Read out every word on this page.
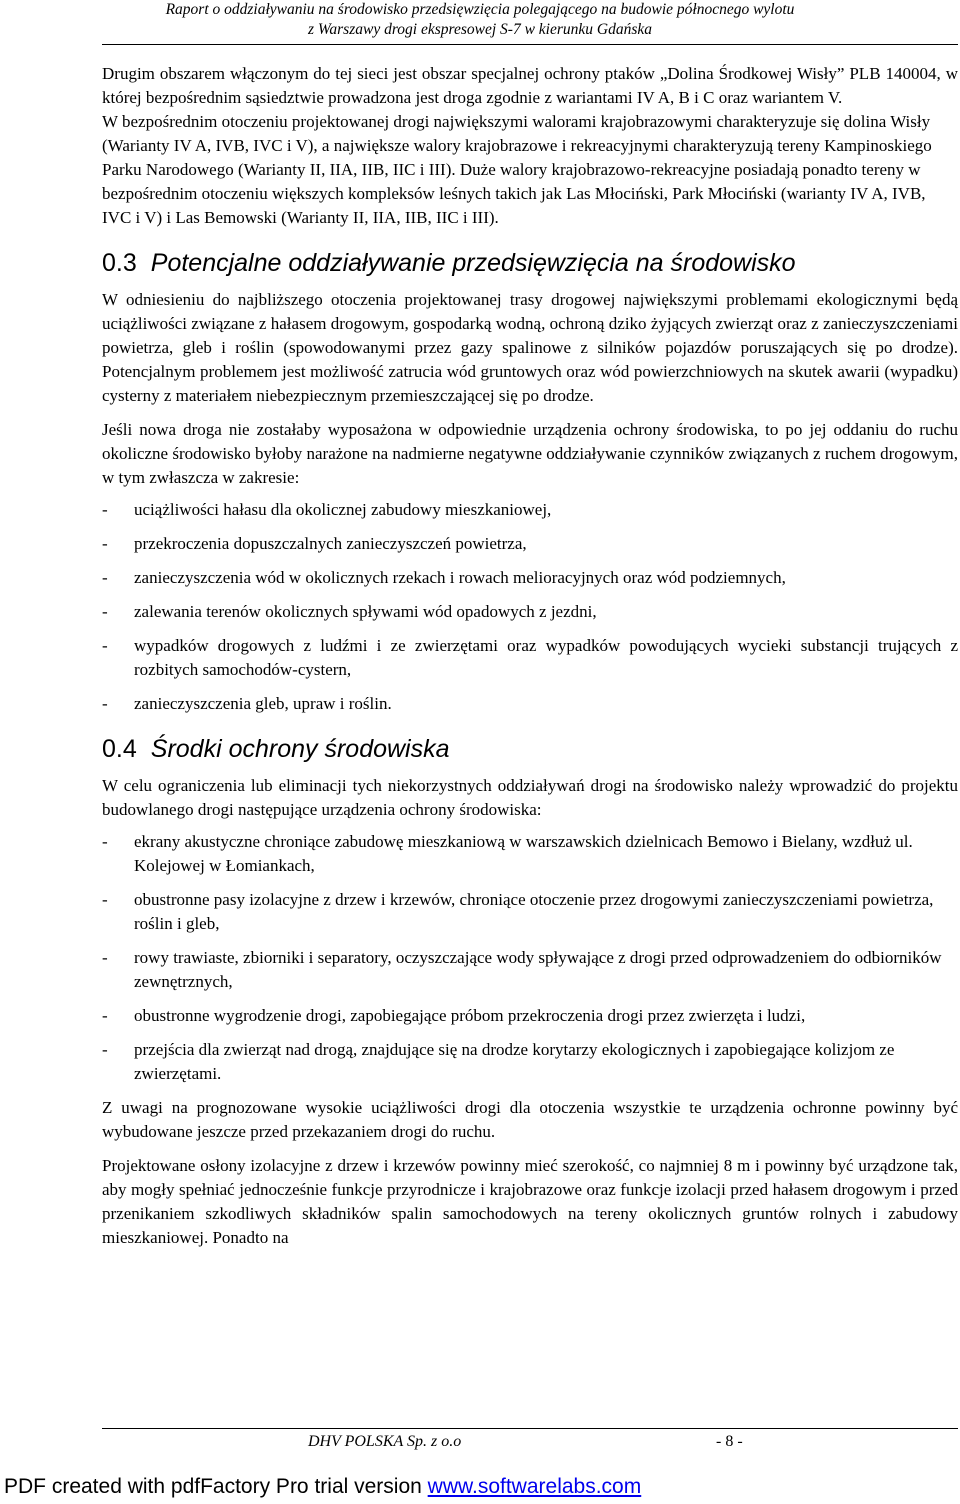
Raport o oddziaływaniu na środowisko przedsięwzięcia polegającego na budowie północnego wylotu
z Warszawy drogi ekspresowej S-7 w kierunku Gdańska

Drugim obszarem włączonym do tej sieci jest obszar specjalnej ochrony ptaków „Dolina Środkowej Wisły” PLB 140004, w której bezpośrednim sąsiedztwie prowadzona jest droga zgodnie z wariantami IV A, B i C oraz wariantem V.

W bezpośrednim otoczeniu projektowanej drogi największymi walorami krajobrazowymi charakteryzuje się dolina Wisły (Warianty IV A, IVB, IVC i V), a największe walory krajobrazowe i rekreacyjnymi charakteryzują tereny Kampinoskiego Parku Narodowego (Warianty II, IIA, IIB, IIC i III). Duże walory krajobrazowo-rekreacyjne posiadają ponadto tereny w bezpośrednim otoczeniu większych kompleksów leśnych takich jak Las Młociński, Park Młociński (warianty IV A, IVB, IVC i V) i Las Bemowski (Warianty II, IIA, IIB, IIC i III).

0.3 Potencjalne oddziaływanie przedsięwzięcia na środowisko

W odniesieniu do najbliższego otoczenia projektowanej trasy drogowej największymi problemami ekologicznymi będą uciążliwości związane z hałasem drogowym, gospodarką wodną, ochroną dziko żyjących zwierząt oraz z zanieczyszczeniami powietrza, gleb i roślin (spowodowanymi przez gazy spalinowe z silników pojazdów poruszających się po drodze). Potencjalnym problemem jest możliwość zatrucia wód gruntowych oraz wód powierzchniowych na skutek awarii (wypadku) cysterny z materiałem niebezpiecznym przemieszczającej się po drodze.

Jeśli nowa droga nie zostałaby wyposażona w odpowiednie urządzenia ochrony środowiska, to po jej oddaniu do ruchu okoliczne środowisko byłoby narażone na nadmierne negatywne oddziaływanie czynników związanych z ruchem drogowym, w tym zwłaszcza w zakresie:

- uciążliwości hałasu dla okolicznej zabudowy mieszkaniowej,
- przekroczenia dopuszczalnych zanieczyszczeń powietrza,
- zanieczyszczenia wód w okolicznych rzekach i rowach melioracyjnych oraz wód podziemnych,
- zalewania terenów okolicznych spływami wód opadowych z jezdni,
- wypadków drogowych z ludźmi i ze zwierzętami oraz wypadków powodujących wycieki substancji trujących z rozbitych samochodów-cystern,
- zanieczyszczenia gleb, upraw i roślin.
0.4 Środki ochrony środowiska

W celu ograniczenia lub eliminacji tych niekorzystnych oddziaływań drogi na środowisko należy wprowadzić do projektu budowlanego drogi następujące urządzenia ochrony środowiska:

- ekrany akustyczne chroniące zabudowę mieszkaniową w warszawskich dzielnicach Bemowo i Bielany, wzdłuż ul. Kolejowej w Łomiankach,
- obustronne pasy izolacyjne z drzew i krzewów, chroniące otoczenie przez drogowymi zanieczyszczeniami powietrza, roślin i gleb,
- rowy trawiaste, zbiorniki i separatory, oczyszczające wody spływające z drogi przed odprowadzeniem do odbiorników zewnętrznych,
- obustronne wygrodzenie drogi, zapobiegające próbom przekroczenia drogi przez zwierzęta i ludzi,
- przejścia dla zwierząt nad drogą, znajdujące się na drodze korytarzy ekologicznych i zapobiegające kolizjom ze zwierzętami.

Z uwagi na prognozowane wysokie uciążliwości drogi dla otoczenia wszystkie te urządzenia ochronne powinny być wybudowane jeszcze przed przekazaniem drogi do ruchu.

Projektowane osłony izolacyjne z drzew i krzewów powinny mieć szerokość, co najmniej 8 m i powinny być urządzone tak, aby mogły spełniać jednocześnie funkcje przyrodnicze i krajobrazowe oraz funkcje izolacji przed hałasem drogowym i przed przenikaniem szkodliwych składników spalin samochodowych na tereny okolicznych gruntów rolnych i zabudowy mieszkaniowej. Ponadto na

DHV POLSKA Sp. z o.o	- 8 -
PDF created with pdfFactory Pro trial version www.softwarelabs.com
